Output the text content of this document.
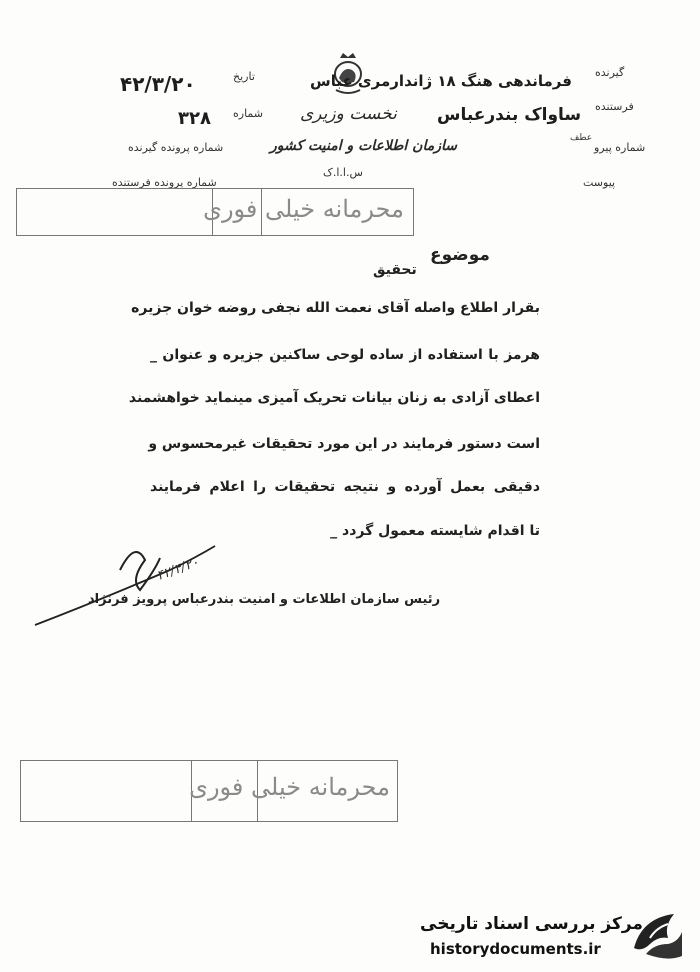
تاریخ
۴۲/۳/۲۰
شماره
۳۲۸
شماره پرونده گیرنده
شماره پرونده فرستنده
نخست وزیری
سازمان اطلاعات و امنیت کشور
س.ا.ا.ک
گیرنده
فرماندهی هنگ ۱۸ ژاندارمری عباس
فرستنده
ساواک بندرعباس
عطف
شماره پیرو
پیوست
محرمانه خیلی فوری
موضوع
تحقیق
بقرار اطلاع واصله آقای نعمت الله نجفی روضه خوان جزیره
هرمز با استفاده از ساده لوحی ساکنین جزیره و عنوان _
اعطای آزادی به زنان بیانات تحریک آمیزی مینماید خواهشمند
است دستور فرمایند در این مورد تحقیقات غیرمحسوس و
دقیقی بعمل آورده و نتیجه تحقیقات را اعلام فرمایند
تا اقدام شایسته معمول گردد _
۴۲/۴/۲۰
رئیس سازمان اطلاعات و امنیت بندرعباس پرویز فرنژاد
محرمانه خیلی فوری
مرکز بررسی اسناد تاریخی
historydocuments.ir
